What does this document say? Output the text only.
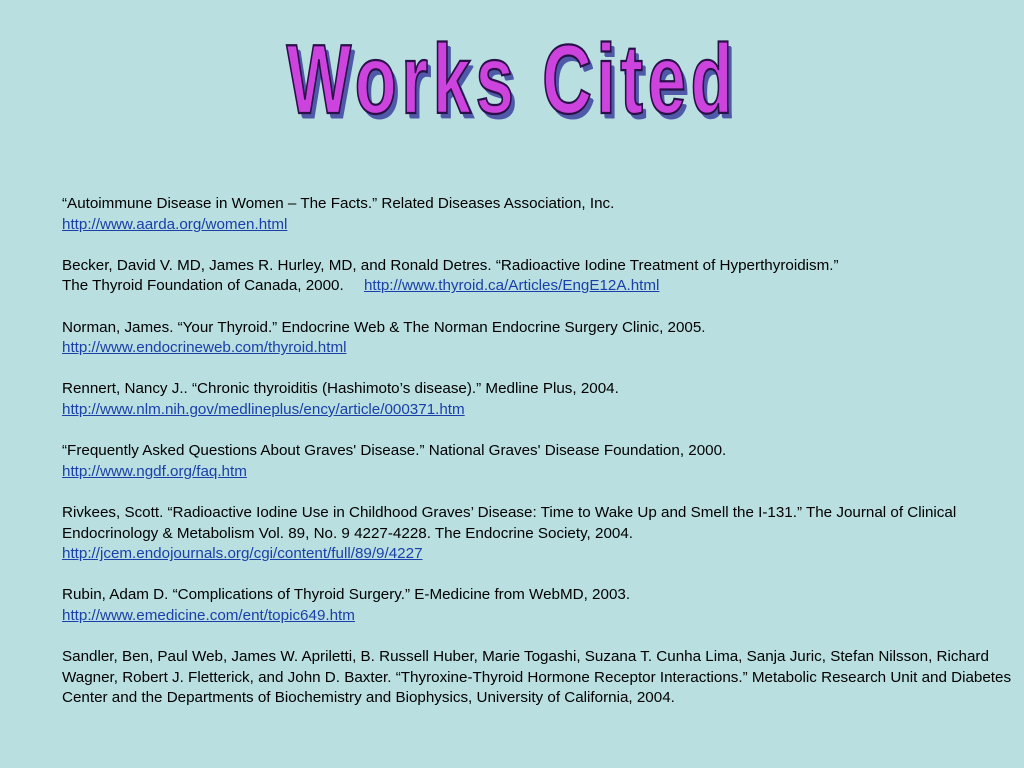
Works Cited

“Autoimmune Disease in Women – The Facts.” Related Diseases Association, Inc.

http://www.aarda.org/women.html

Becker, David V. MD, James R. Hurley, MD, and Ronald Detres. “Radioactive Iodine Treatment of Hyperthyroidism.”

The Thyroid Foundation of Canada, 2000. http://www.thyroid.ca/Articles/EngE12A.html

Norman, James. “Your Thyroid.” Endocrine Web & The Norman Endocrine Surgery Clinic, 2005.

http://www.endocrineweb.com/thyroid.html

Rennert, Nancy J.. “Chronic thyroiditis (Hashimoto’s disease).” Medline Plus, 2004.

http://www.nlm.nih.gov/medlineplus/ency/article/000371.htm

“Frequently Asked Questions About Graves' Disease.” National Graves' Disease Foundation, 2000.

http://www.ngdf.org/faq.htm

Rivkees, Scott. “Radioactive Iodine Use in Childhood Graves’ Disease: Time to Wake Up and Smell the I-131.” The Journal of Clinical Endocrinology & Metabolism Vol. 89, No. 9 4227-4228. The Endocrine Society, 2004.

http://jcem.endojournals.org/cgi/content/full/89/9/4227

Rubin, Adam D. “Complications of Thyroid Surgery.” E-Medicine from WebMD, 2003.

http://www.emedicine.com/ent/topic649.htm

Sandler, Ben, Paul Web, James W. Apriletti, B. Russell Huber, Marie Togashi, Suzana T. Cunha Lima, Sanja Juric, Stefan Nilsson, Richard Wagner, Robert J. Fletterick, and John D. Baxter. “Thyroxine-Thyroid Hormone Receptor Interactions.” Metabolic Research Unit and Diabetes Center and the Departments of Biochemistry and Biophysics, University of California, 2004.
